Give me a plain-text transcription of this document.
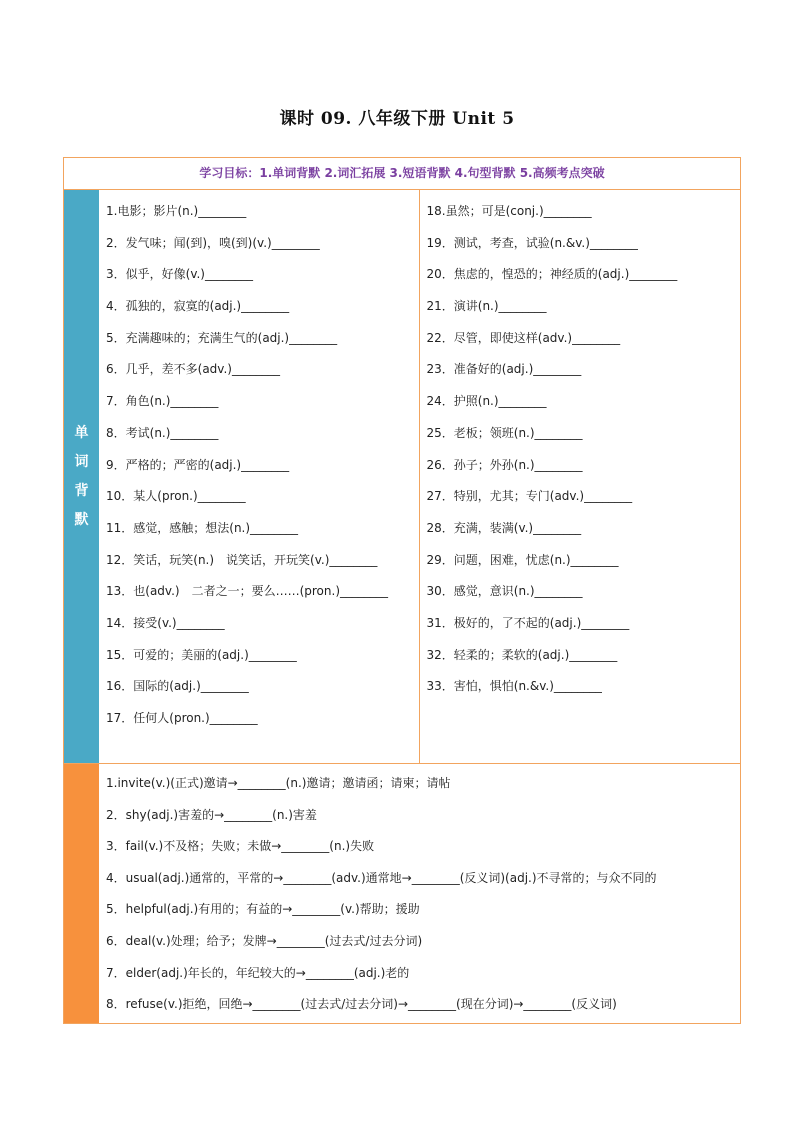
课时 09. 八年级下册 Unit 5
学习目标：1.单词背默 2.词汇拓展 3.短语背默 4.句型背默 5.高频考点突破
单
词
背
默
1.电影；影片(n.)________
2．发气味；闻(到)，嗅(到)(v.)________
3．似乎，好像(v.)________
4．孤独的，寂寞的(adj.)________
5．充满趣味的；充满生气的(adj.)________
6．几乎，差不多(adv.)________
7．角色(n.)________
8．考试(n.)________
9．严格的；严密的(adj.)________
10．某人(pron.)________
11．感觉，感触；想法(n.)________
12．笑话，玩笑(n.)　说笑话，开玩笑(v.)________
13．也(adv.)　二者之一；要么……(pron.)________
14．接受(v.)________
15．可爱的；美丽的(adj.)________
16．国际的(adj.)________
17．任何人(pron.)________
18.虽然；可是(conj.)________
19．测试，考查，试验(n.&v.)________
20．焦虑的，惶恐的；神经质的(adj.)________
21．演讲(n.)________
22．尽管，即使这样(adv.)________
23．准备好的(adj.)________
24．护照(n.)________
25．老板；领班(n.)________
26．孙子；外孙(n.)________
27．特别，尤其；专门(adv.)________
28．充满，装满(v.)________
29．问题，困难，忧虑(n.)________
30．感觉，意识(n.)________
31．极好的，了不起的(adj.)________
32．轻柔的；柔软的(adj.)________
33．害怕，惧怕(n.&v.)________
1.invite(v.)(正式)邀请→________(n.)邀请；邀请函；请柬；请帖
2．shy(adj.)害羞的→________(n.)害羞
3．fail(v.)不及格；失败；未做→________(n.)失败
4．usual(adj.)通常的，平常的→________(adv.)通常地→________(反义词)(adj.)不寻常的；与众不同的
5．helpful(adj.)有用的；有益的→________(v.)帮助；援助
6．deal(v.)处理；给予；发牌→________(过去式/过去分词)
7．elder(adj.)年长的，年纪较大的→________(adj.)老的
8．refuse(v.)拒绝，回绝→________(过去式/过去分词)→________(现在分词)→________(反义词)
